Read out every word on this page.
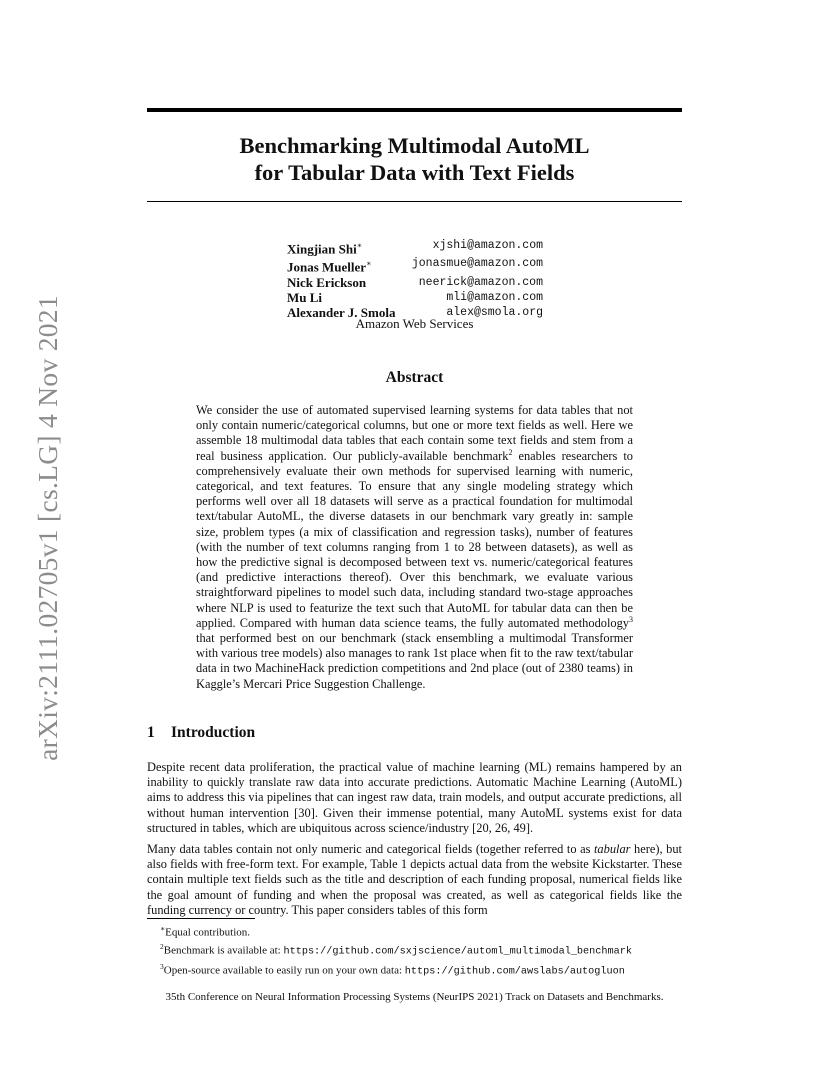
arXiv:2111.02705v1 [cs.LG] 4 Nov 2021
Benchmarking Multimodal AutoML
for Tabular Data with Text Fields
Xingjian Shi∗	xjshi@amazon.com
Jonas Mueller∗	jonasmue@amazon.com
Nick Erickson	neerick@amazon.com
Mu Li	mli@amazon.com
Alexander J. Smola	alex@smola.org
Amazon Web Services
Abstract
We consider the use of automated supervised learning systems for data tables that not only contain numeric/categorical columns, but one or more text fields as well. Here we assemble 18 multimodal data tables that each contain some text fields and stem from a real business application. Our publicly-available benchmark$^2$ enables researchers to comprehensively evaluate their own methods for supervised learning with numeric, categorical, and text features. To ensure that any single modeling strategy which performs well over all 18 datasets will serve as a practical foundation for multimodal text/tabular AutoML, the diverse datasets in our benchmark vary greatly in: sample size, problem types (a mix of classification and regression tasks), number of features (with the number of text columns ranging from 1 to 28 between datasets), as well as how the predictive signal is decomposed between text vs. numeric/categorical features (and predictive interactions thereof). Over this benchmark, we evaluate various straightforward pipelines to model such data, including standard two-stage approaches where NLP is used to featurize the text such that AutoML for tabular data can then be applied. Compared with human data science teams, the fully automated methodology$^3$ that performed best on our benchmark (stack ensembling a multimodal Transformer with various tree models) also manages to rank 1st place when fit to the raw text/tabular data in two MachineHack prediction competitions and 2nd place (out of 2380 teams) in Kaggle’s Mercari Price Suggestion Challenge.
1 Introduction
Despite recent data proliferation, the practical value of machine learning (ML) remains hampered by an inability to quickly translate raw data into accurate predictions. Automatic Machine Learning (AutoML) aims to address this via pipelines that can ingest raw data, train models, and output accurate predictions, all without human intervention [30]. Given their immense potential, many AutoML systems exist for data structured in tables, which are ubiquitous across science/industry [20, 26, 49].
Many data tables contain not only numeric and categorical fields (together referred to as tabular here), but also fields with free-form text. For example, Table 1 depicts actual data from the website Kickstarter. These contain multiple text fields such as the title and description of each funding proposal, numerical fields like the goal amount of funding and when the proposal was created, as well as categorical fields like the funding currency or country. This paper considers tables of this form
∗Equal contribution.
$^2$Benchmark is available at: https://github.com/sxjscience/automl_multimodal_benchmark
$^3$Open-source available to easily run on your own data: https://github.com/awslabs/autogluon
35th Conference on Neural Information Processing Systems (NeurIPS 2021) Track on Datasets and Benchmarks.
